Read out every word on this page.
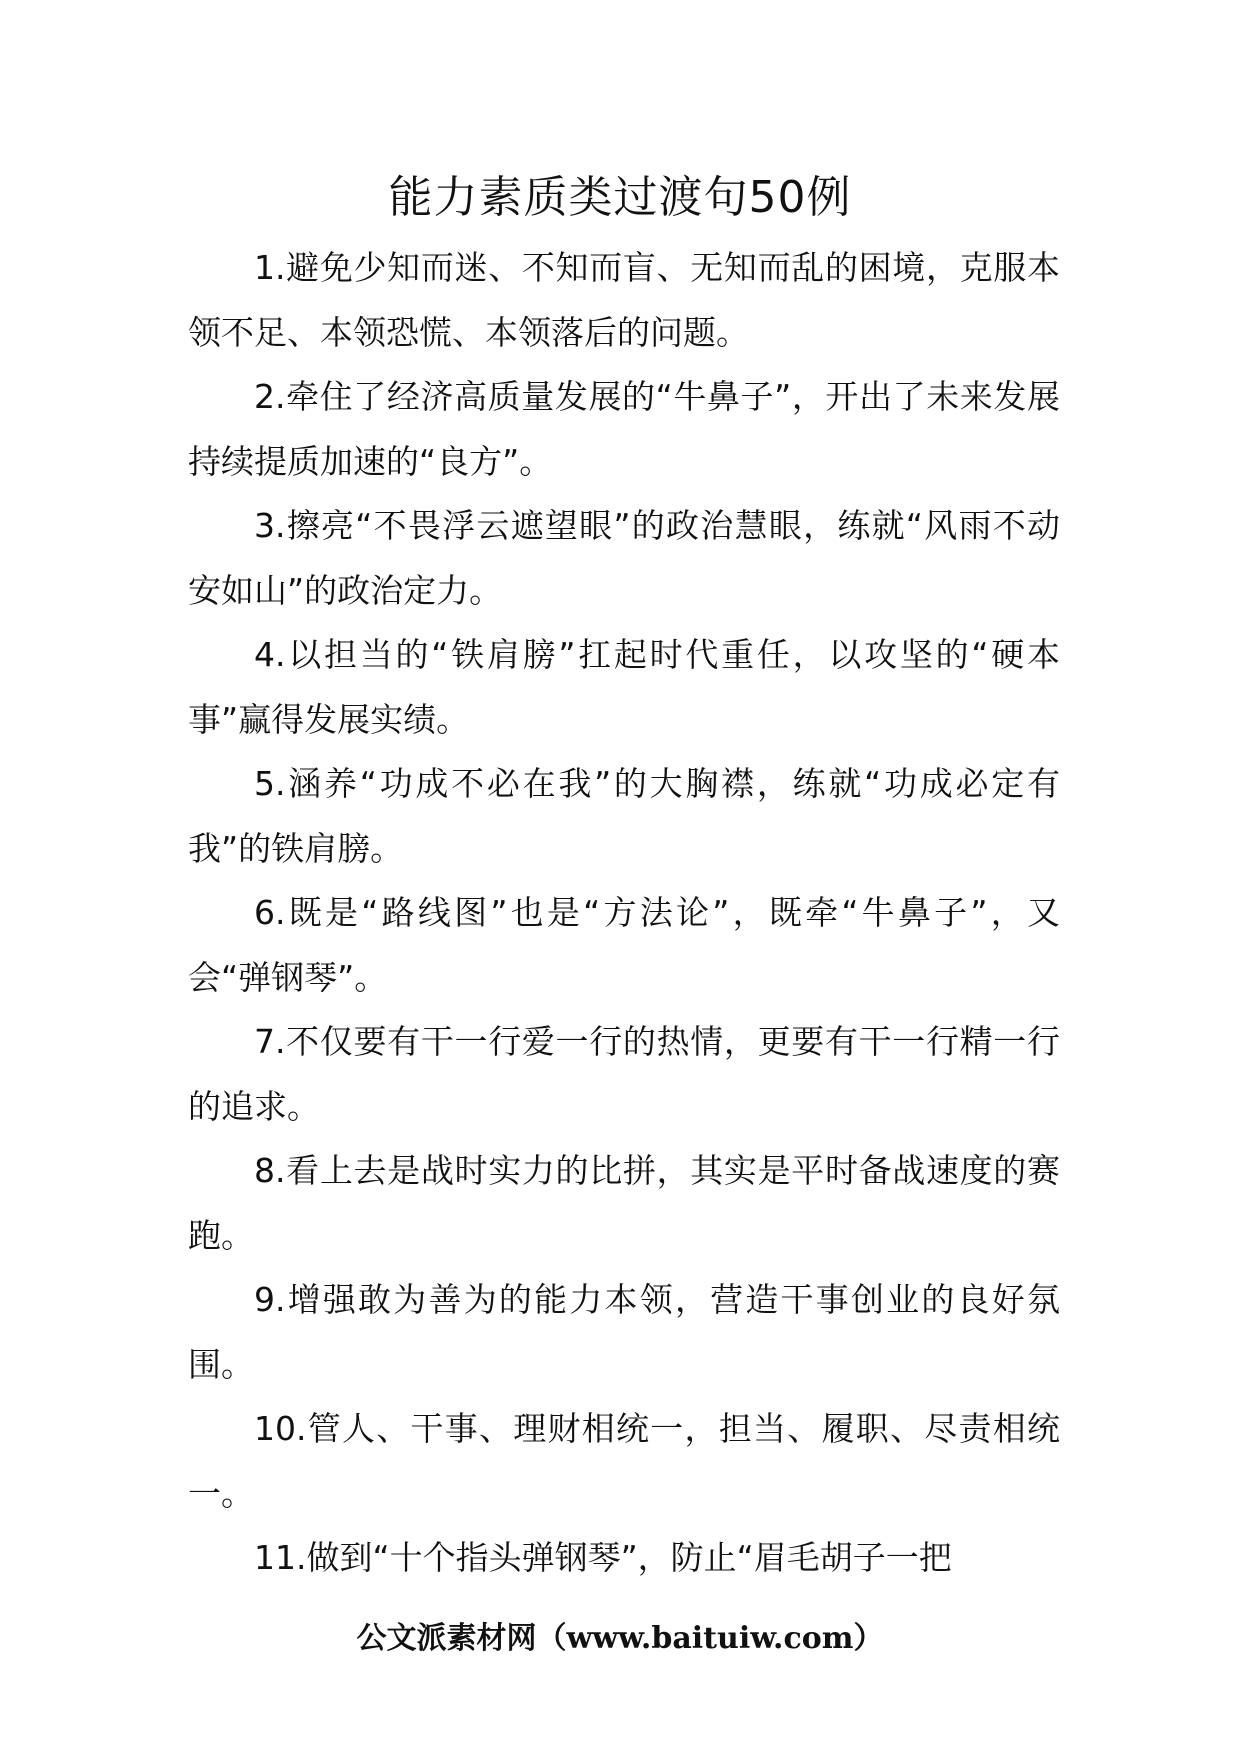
能力素质类过渡句50例

1.避免少知而迷、不知而盲、无知而乱的困境，克服本领不足、本领恐慌、本领落后的问题。

2.牵住了经济高质量发展的“牛鼻子”，开出了未来发展持续提质加速的“良方”。

3.擦亮“不畏浮云遮望眼”的政治慧眼，练就“风雨不动安如山”的政治定力。

4.以担当的“铁肩膀”扛起时代重任，以攻坚的“硬本事”赢得发展实绩。

5.涵养“功成不必在我”的大胸襟，练就“功成必定有我”的铁肩膀。

6.既是“路线图”也是“方法论”，既牵“牛鼻子”，又会“弹钢琴”。

7.不仅要有干一行爱一行的热情，更要有干一行精一行的追求。

8.看上去是战时实力的比拼，其实是平时备战速度的赛跑。

9.增强敢为善为的能力本领，营造干事创业的良好氛围。

10.管人、干事、理财相统一，担当、履职、尽责相统一。

11.做到“十个指头弹钢琴”，防止“眉毛胡子一把

公文派素材网（www.baituiw.com）
